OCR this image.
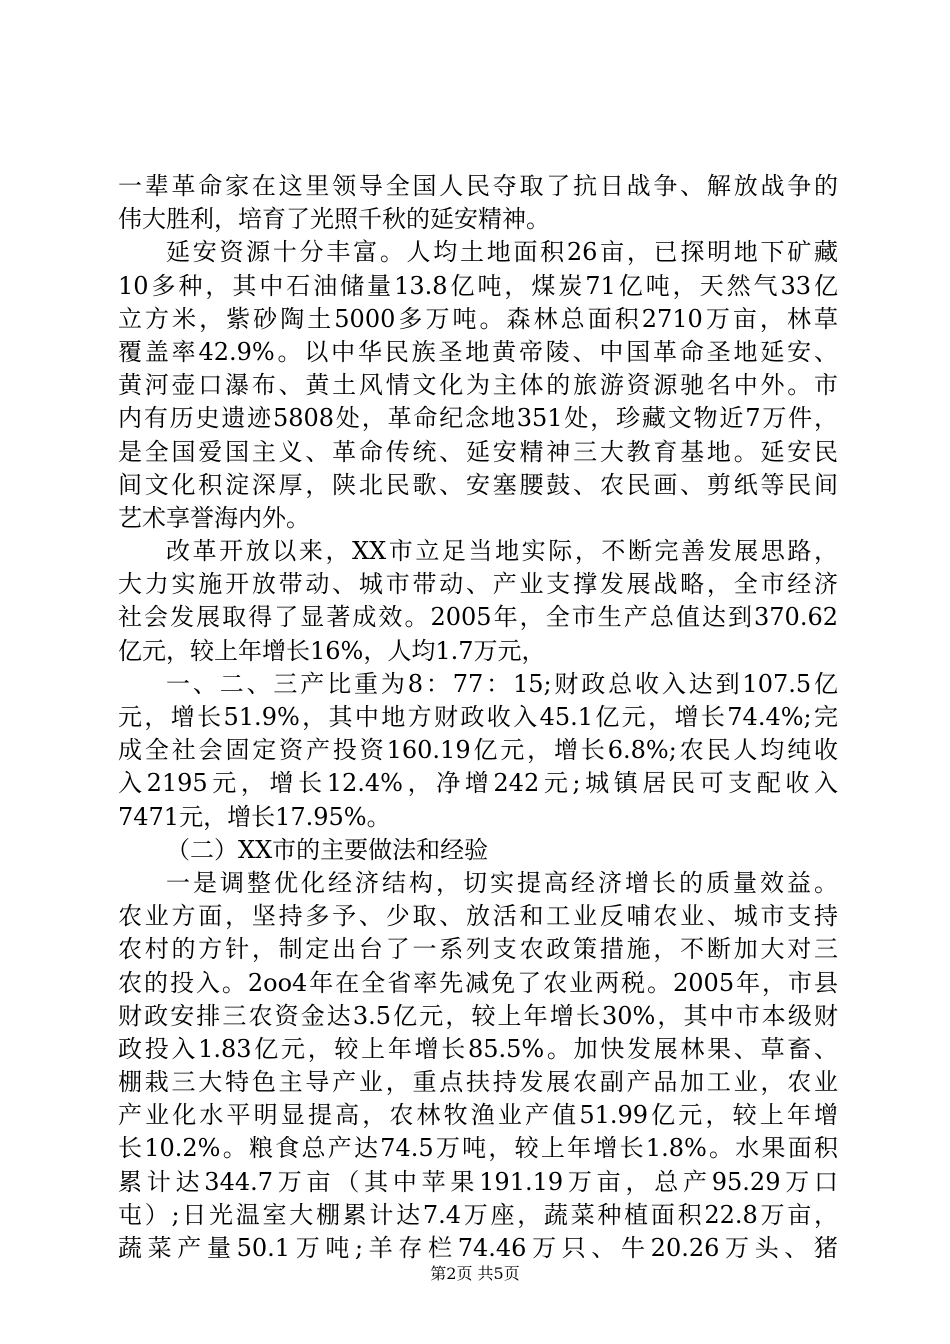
一辈革命家在这里领导全国人民夺取了抗日战争、解放战争的
伟大胜利，培育了光照千秋的延安精神。
延安资源十分丰富。人均土地面积26亩，已探明地下矿藏
10多种，其中石油储量13.8亿吨，煤炭71亿吨，天然气33亿
立方米，紫砂陶土5000多万吨。森林总面积2710万亩，林草
覆盖率42.9%。以中华民族圣地黄帝陵、中国革命圣地延安、
黄河壶口瀑布、黄土风情文化为主体的旅游资源驰名中外。市
内有历史遗迹5808处，革命纪念地351处，珍藏文物近7万件，
是全国爱国主义、革命传统、延安精神三大教育基地。延安民
间文化积淀深厚，陕北民歌、安塞腰鼓、农民画、剪纸等民间
艺术享誉海内外。
改革开放以来，XX市立足当地实际，不断完善发展思路，
大力实施开放带动、城市带动、产业支撑发展战略，全市经济
社会发展取得了显著成效。2005年，全市生产总值达到370.62
亿元，较上年增长16%，人均1.7万元，
一、二、三产比重为8：77：15;财政总收入达到107.5亿
元，增长51.9%，其中地方财政收入45.1亿元，增长74.4%;完
成全社会固定资产投资160.19亿元，增长6.8%;农民人均纯收
入2195元，增长12.4%，净增242元;城镇居民可支配收入
7471元，增长17.95%。
（二）XX市的主要做法和经验
一是调整优化经济结构，切实提高经济增长的质量效益。
农业方面，坚持多予、少取、放活和工业反哺农业、城市支持
农村的方针，制定出台了一系列支农政策措施，不断加大对三
农的投入。2oo4年在全省率先减免了农业两税。2005年，市县
财政安排三农资金达3.5亿元，较上年增长30%，其中市本级财
政投入1.83亿元，较上年增长85.5%。加快发展林果、草畜、
棚栽三大特色主导产业，重点扶持发展农副产品加工业，农业
产业化水平明显提高，农林牧渔业产值51.99亿元，较上年增
长10.2%。粮食总产达74.5万吨，较上年增长1.8%。水果面积
累计达344.7万亩（其中苹果191.19万亩，总产95.29万口
屯）;日光温室大棚累计达7.4万座，蔬菜种植面积22.8万亩，
蔬菜产量50.1万吨;羊存栏74.46万只、牛20.26万头、猪
第2页 共5页
